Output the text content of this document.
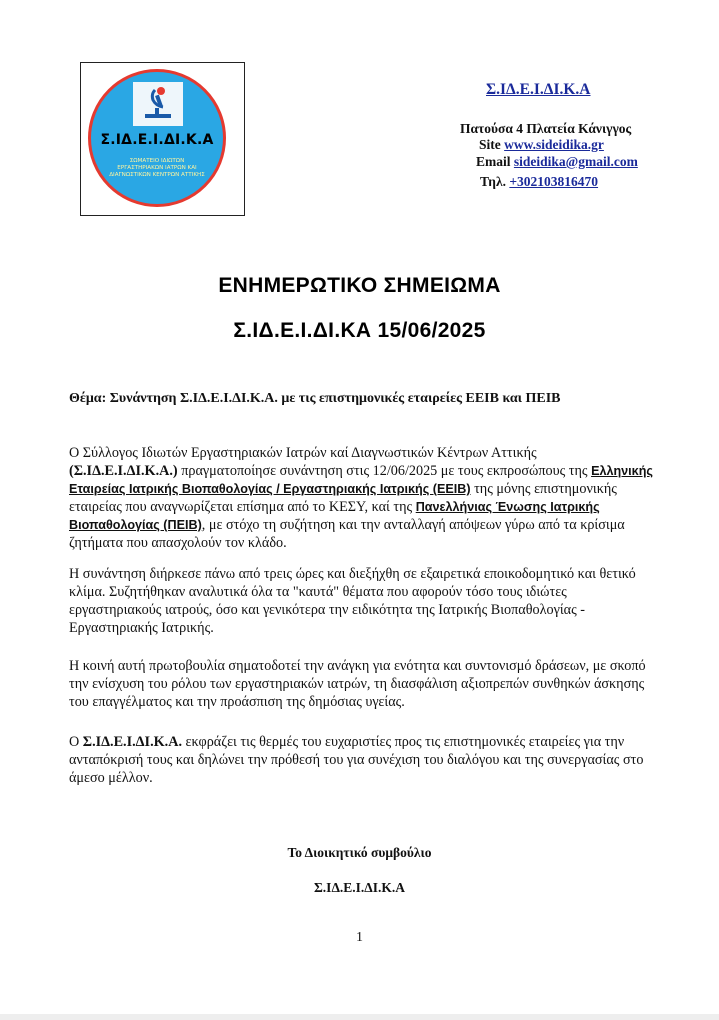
Σ.ΙΔ.Ε.Ι.ΔΙ.Κ.Α
ΣΩΜΑΤΕΙΟ ΙΔΙΩΤΩΝ ΕΡΓΑΣΤΗΡΙΑΚΩΝ ΙΑΤΡΩΝ ΚΑΙ ΔΙΑΓΝΩΣΤΙΚΩΝ ΚΕΝΤΡΩΝ ΑΤΤΙΚΗΣ
Σ.ΙΔ.Ε.Ι.ΔΙ.Κ.Α
Πατούσα 4 Πλατεία Κάνιγγος
Site www.sideidika.gr
Email sideidika@gmail.com
Τηλ. +302103816470
ΕΝΗΜΕΡΩΤΙΚΟ ΣΗΜΕΙΩΜΑ
Σ.ΙΔ.Ε.Ι.ΔΙ.ΚΑ 15/06/2025
Θέμα: Συνάντηση Σ.ΙΔ.Ε.Ι.ΔΙ.Κ.Α. με τις επιστημονικές εταιρείες ΕΕΙΒ και ΠΕΙΒ
Ο Σύλλογος Ιδιωτών Εργαστηριακών Ιατρών καί Διαγνωστικών Κέντρων Αττικής
(Σ.ΙΔ.Ε.Ι.ΔΙ.Κ.Α.) πραγματοποίησε συνάντηση στις 12/06/2025 με τους εκπροσώπους της Ελληνικής Εταιρείας Ιατρικής Βιοπαθολογίας / Εργαστηριακής Ιατρικής (ΕΕΙΒ) της μόνης επιστημονικής εταιρείας που αναγνωρίζεται επίσημα από το ΚΕΣΥ, καί της Πανελλήνιας Ένωσης Ιατρικής Βιοπαθολογίας (ΠΕΙΒ), με στόχο τη συζήτηση και την ανταλλαγή απόψεων γύρω από τα κρίσιμα ζητήματα που απασχολούν τον κλάδο.
Η συνάντηση διήρκεσε πάνω από τρεις ώρες και διεξήχθη σε εξαιρετικά εποικοδομητικό και θετικό κλίμα. Συζητήθηκαν αναλυτικά όλα τα "καυτά" θέματα που αφορούν τόσο τους ιδιώτες εργαστηριακούς ιατρούς, όσο και γενικότερα την ειδικότητα της Ιατρικής Βιοπαθολογίας - Εργαστηριακής Ιατρικής.
Η κοινή αυτή πρωτοβουλία σηματοδοτεί την ανάγκη για ενότητα και συντονισμό δράσεων, με σκοπό την ενίσχυση του ρόλου των εργαστηριακών ιατρών, τη διασφάλιση αξιοπρεπών συνθηκών άσκησης του επαγγέλματος και την προάσπιση της δημόσιας υγείας.
Ο Σ.ΙΔ.Ε.Ι.ΔΙ.Κ.Α. εκφράζει τις θερμές του ευχαριστίες προς τις επιστημονικές εταιρείες για την ανταπόκρισή τους και δηλώνει την πρόθεσή του για συνέχιση του διαλόγου και της συνεργασίας στο άμεσο μέλλον.
Το Διοικητικό συμβούλιο
Σ.ΙΔ.Ε.Ι.ΔΙ.Κ.Α
1
